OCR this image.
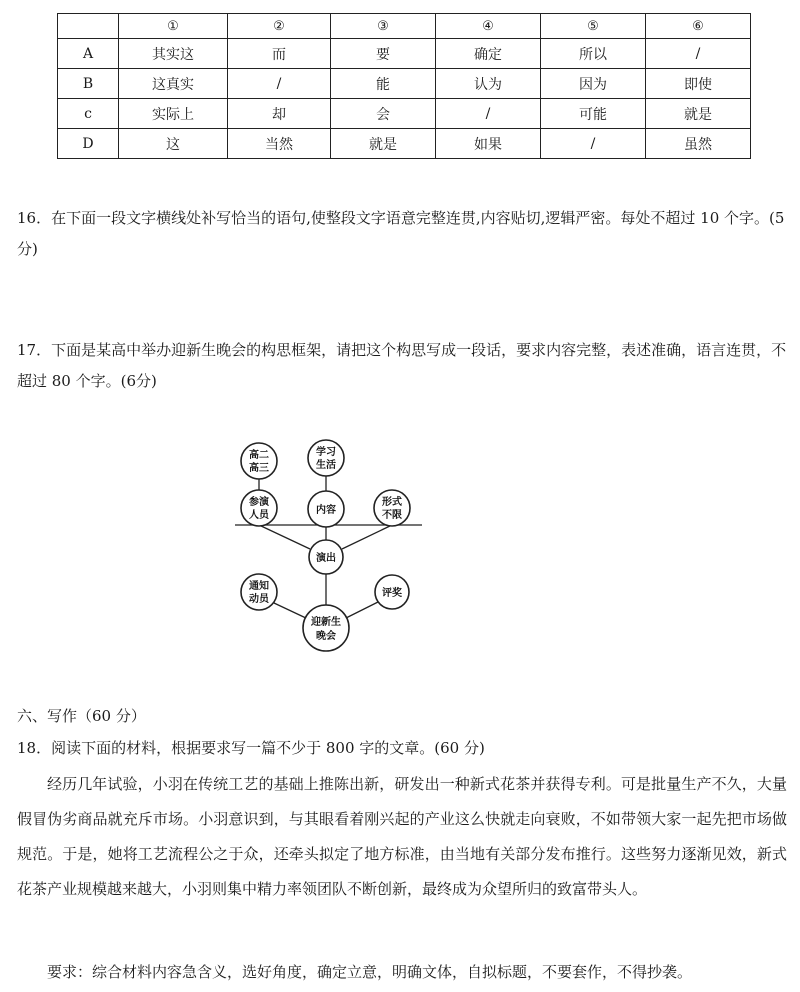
	①	②	③	④	⑤	⑥
A	其实这	而	要	确定	所以	/
B	这真实	/	能	认为	因为	即使
c	实际上	却	会	/	可能	就是
D	这	当然	就是	如果	/	虽然

16．在下面一段文字横线处补写恰当的语句,使整段文字语意完整连贯,内容贴切,逻辑严密。每处不超过 10 个字。(5分)

17．下面是某高中举办迎新生晚会的构思框架，请把这个构思写成一段话，要求内容完整，表述准确，语言连贯，不超过 80 个字。(6分)

高二
高三
学习
生活
参演
人员	内容
形式
不限
演出
通知
动员
评奖
迎新生
晚会

六、写作（60 分）

18．阅读下面的材料，根据要求写一篇不少于 800 字的文章。(60 分)

经历几年试验，小羽在传统工艺的基础上推陈出新，研发出一种新式花茶并获得专利。可是批量生产不久，大量假冒伪劣商品就充斥市场。小羽意识到，与其眼看着刚兴起的产业这么快就走向衰败，不如带领大家一起先把市场做规范。于是，她将工艺流程公之于众，还牵头拟定了地方标准，由当地有关部分发布推行。这些努力逐渐见效，新式花茶产业规模越来越大，小羽则集中精力率领团队不断创新，最终成为众望所归的致富带头人。

要求：综合材料内容急含义，选好角度，确定立意，明确文体，自拟标题，不要套作，不得抄袭。
